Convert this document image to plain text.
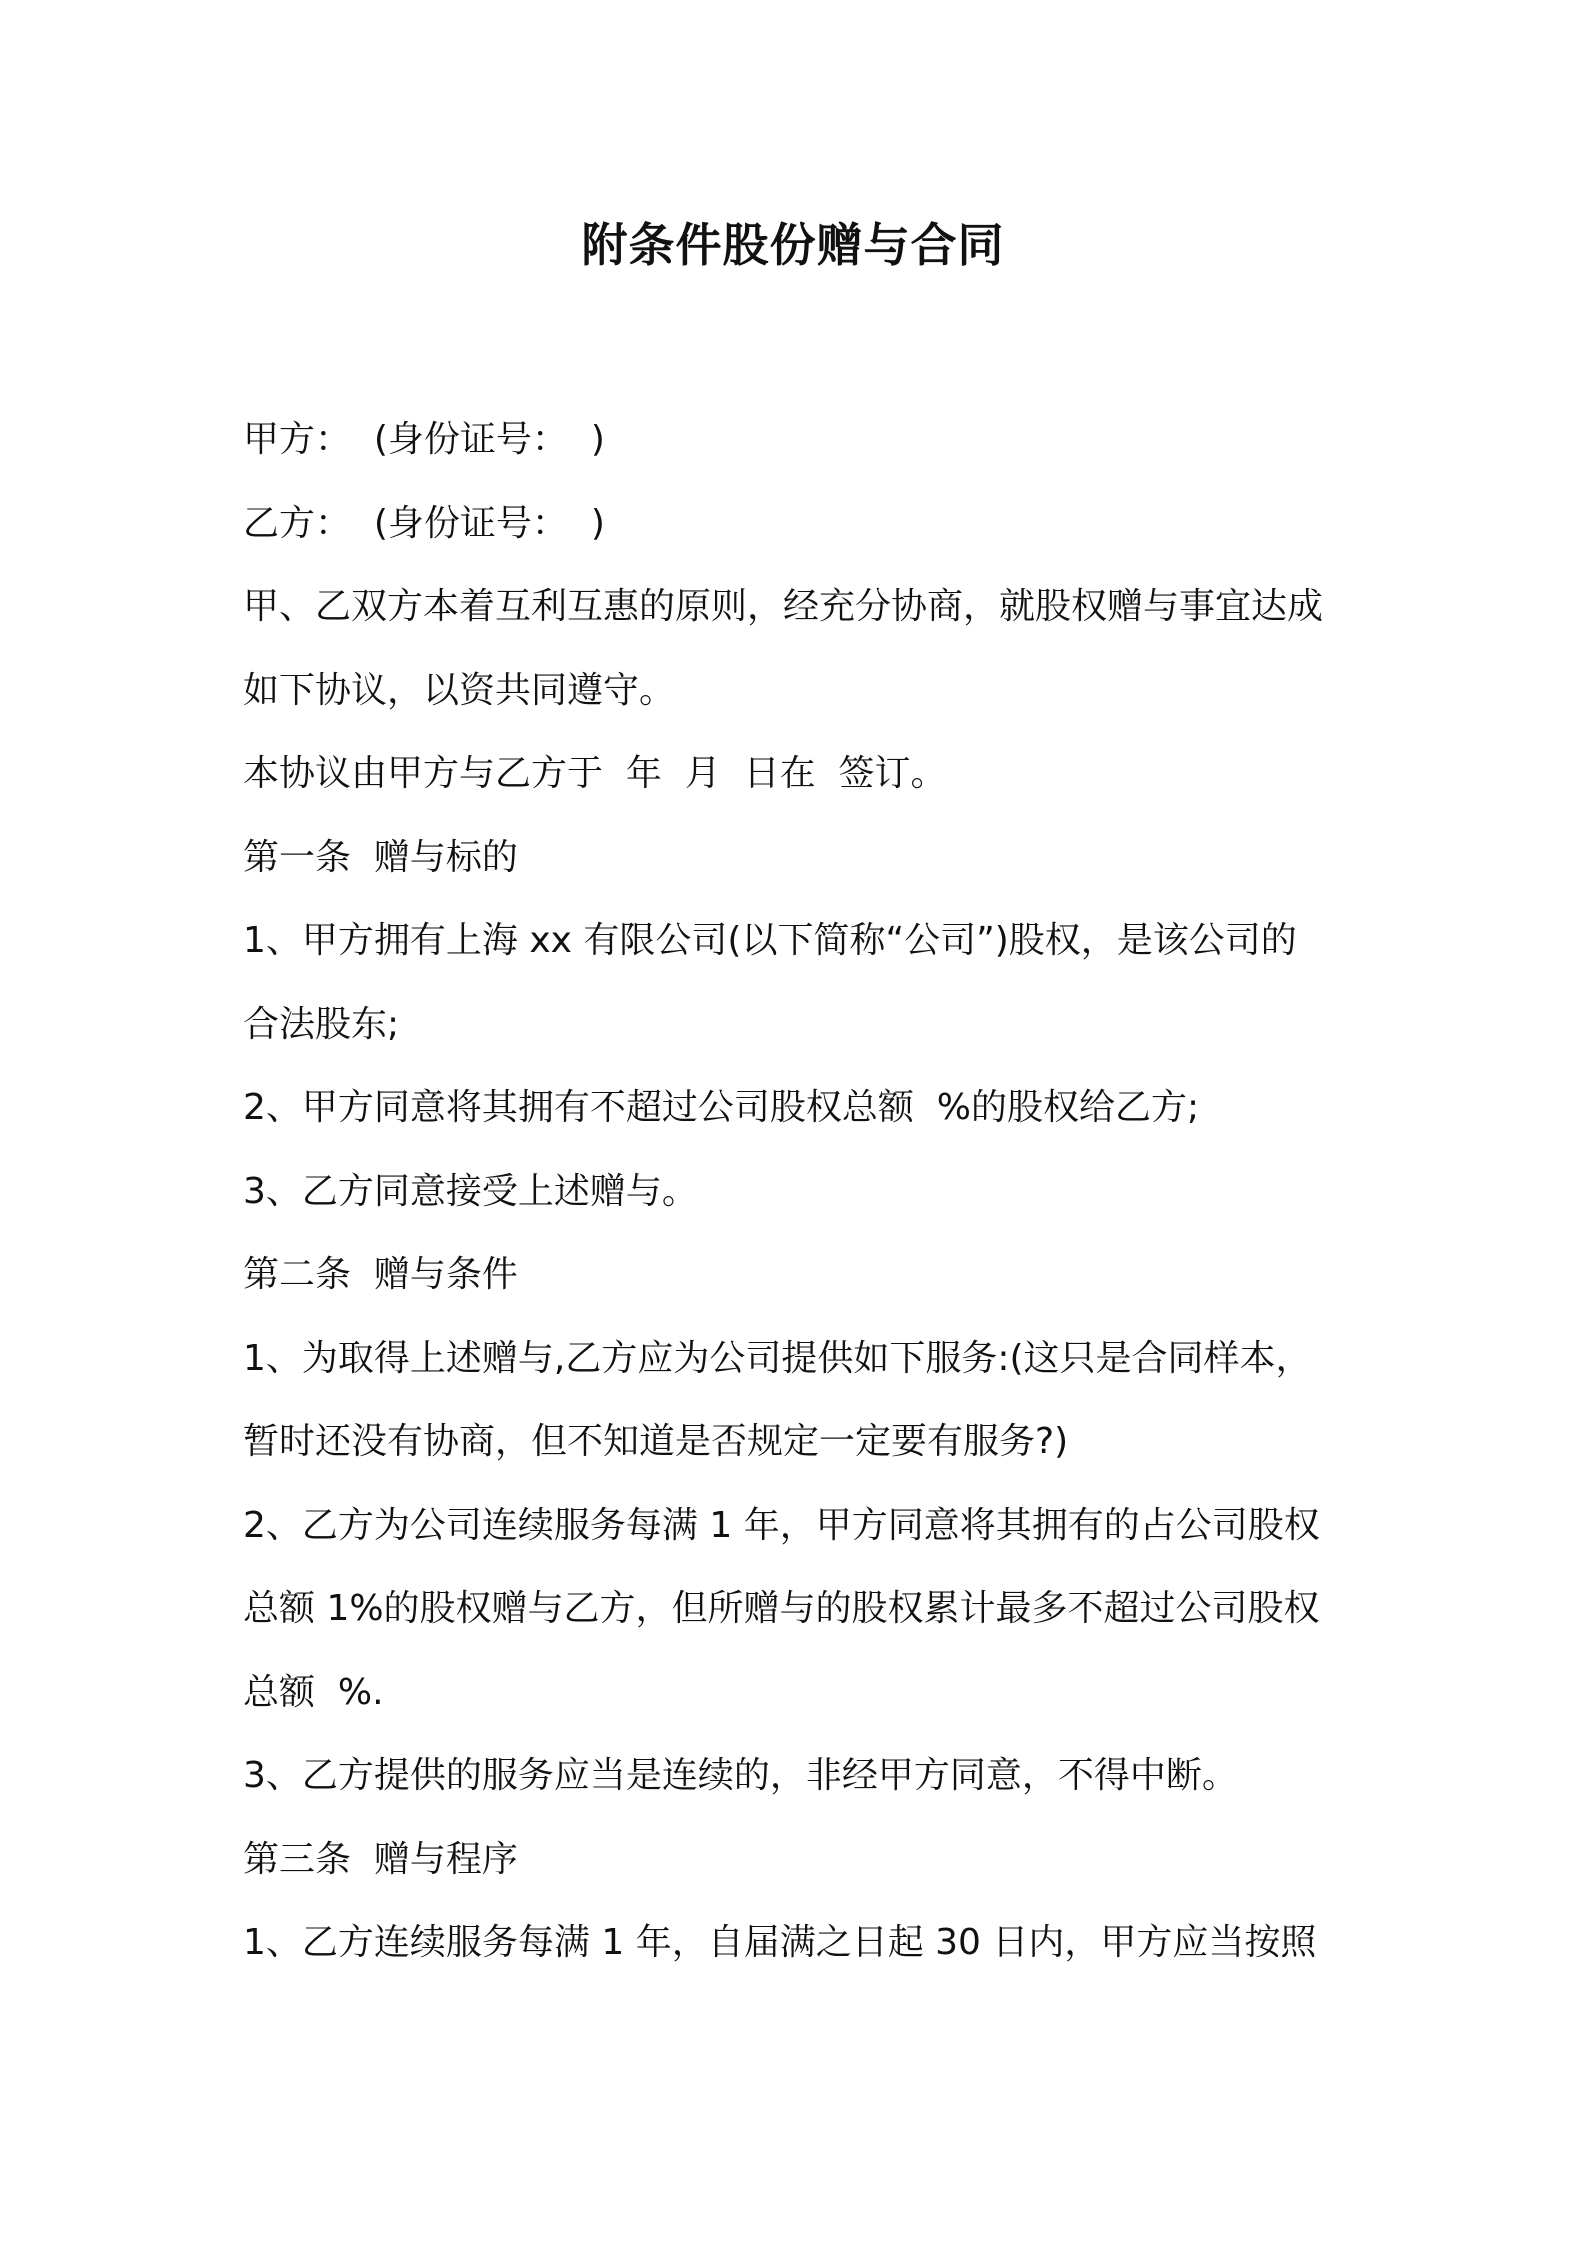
附条件股份赠与合同
甲方：  (身份证号：  )
乙方：  (身份证号：  )
甲、乙双方本着互利互惠的原则，经充分协商，就股权赠与事宜达成
如下协议，以资共同遵守。
本协议由甲方与乙方于  年  月  日在  签订。
第一条  赠与标的
1、甲方拥有上海 xx 有限公司(以下简称“公司”)股权，是该公司的
合法股东;
2、甲方同意将其拥有不超过公司股权总额  %的股权给乙方;
3、乙方同意接受上述赠与。
第二条  赠与条件
1、为取得上述赠与,乙方应为公司提供如下服务:(这只是合同样本，
暂时还没有协商，但不知道是否规定一定要有服务?)
2、乙方为公司连续服务每满 1 年，甲方同意将其拥有的占公司股权
总额 1%的股权赠与乙方，但所赠与的股权累计最多不超过公司股权
总额  %.
3、乙方提供的服务应当是连续的，非经甲方同意，不得中断。
第三条  赠与程序
1、乙方连续服务每满 1 年，自届满之日起 30 日内，甲方应当按照
